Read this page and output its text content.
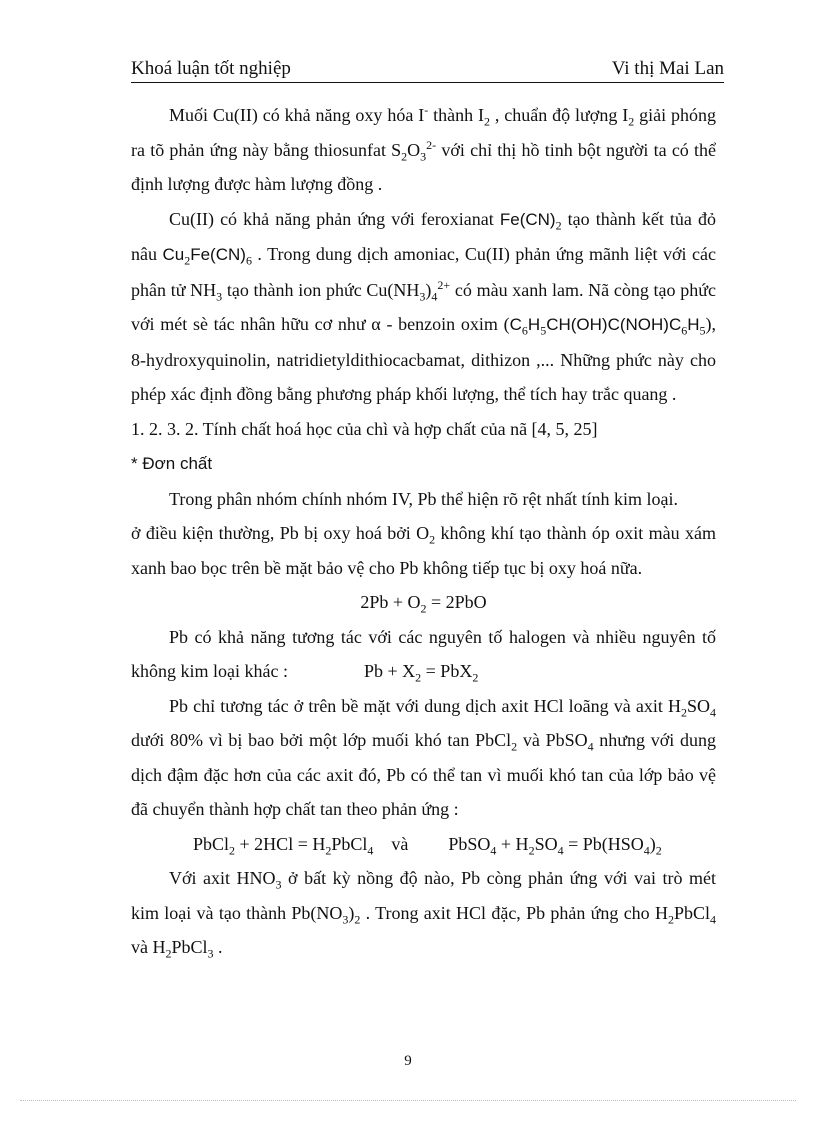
Khoá luận tốt nghiệp	Vi thị Mai Lan

Muối Cu(II) có khả năng oxy hóa I- thành $I_2$ , chuẩn độ lượng $I_2$ giải phóng ra tõ phản ứng này bằng thiosunfat $S_2O_3^{2-}$ với chỉ thị hồ tinh bột người ta có thể định lượng được hàm lượng đồng .

Cu(II) có khả năng phản ứng với feroxianat $Fe(CN)_2$ tạo thành kết tủa đỏ nâu $Cu_2Fe(CN)_6$ . Trong dung dịch amoniac, Cu(II) phản ứng mãnh liệt với các phân tử $NH_3$ tạo thành ion phức $Cu(NH_3)_4^{2+}$ có màu xanh lam. Nã còng tạo phức với mét sè tác nhân hữu cơ như α - benzoin oxim $(C_6H_5CH(OH)C(NOH)C_6H_5)$, 8-hydroxyquinolin, natridietyldithiocacbamat, dithizon ,... Những phức này cho phép xác định đồng bằng phương pháp khối lượng, thể tích hay trắc quang .

1. 2. 3. 2. Tính chất hoá học của chì và hợp chất của nã [4, 5, 25]

* Đơn chất

Trong phân nhóm chính nhóm IV, Pb thể hiện rõ rệt nhất tính kim loại.

ở điều kiện thường, Pb bị oxy hoá bởi $O_2$ không khí tạo thành óp oxit màu xám xanh bao bọc trên bề mặt bảo vệ cho Pb không tiếp tục bị oxy hoá nữa.

$2Pb + O_2 = 2PbO$

Pb có khả năng tương tác với các nguyên tố halogen và nhiều nguyên tố không kim loại khác :	$Pb + X_2 = PbX_2$

Pb chỉ tương tác ở trên bề mặt với dung dịch axit HCl loãng và axit $H_2SO_4$ dưới 80% vì bị bao bởi một lớp muối khó tan PbCl$_2$ và PbSO$_4$ nhưng với dung dịch đậm đặc hơn của các axit đó, Pb có thể tan vì muối khó tan của lớp bảo vệ đã chuyển thành hợp chất tan theo phản ứng :

PbCl$_2$ + $2HCl = H_2PbCl_4$ và PbSO$_4$ + $H_2SO_4 = Pb(HSO_4)_2$

Với axit $HNO_3$ ở bất kỳ nồng độ nào, Pb còng phản ứng với vai trò mét kim loại và tạo thành $Pb(NO_3)_2$ . Trong axit HCl đặc, Pb phản ứng cho $H_2PbCl_4$ và $H_2PbCl_3$ .

9
